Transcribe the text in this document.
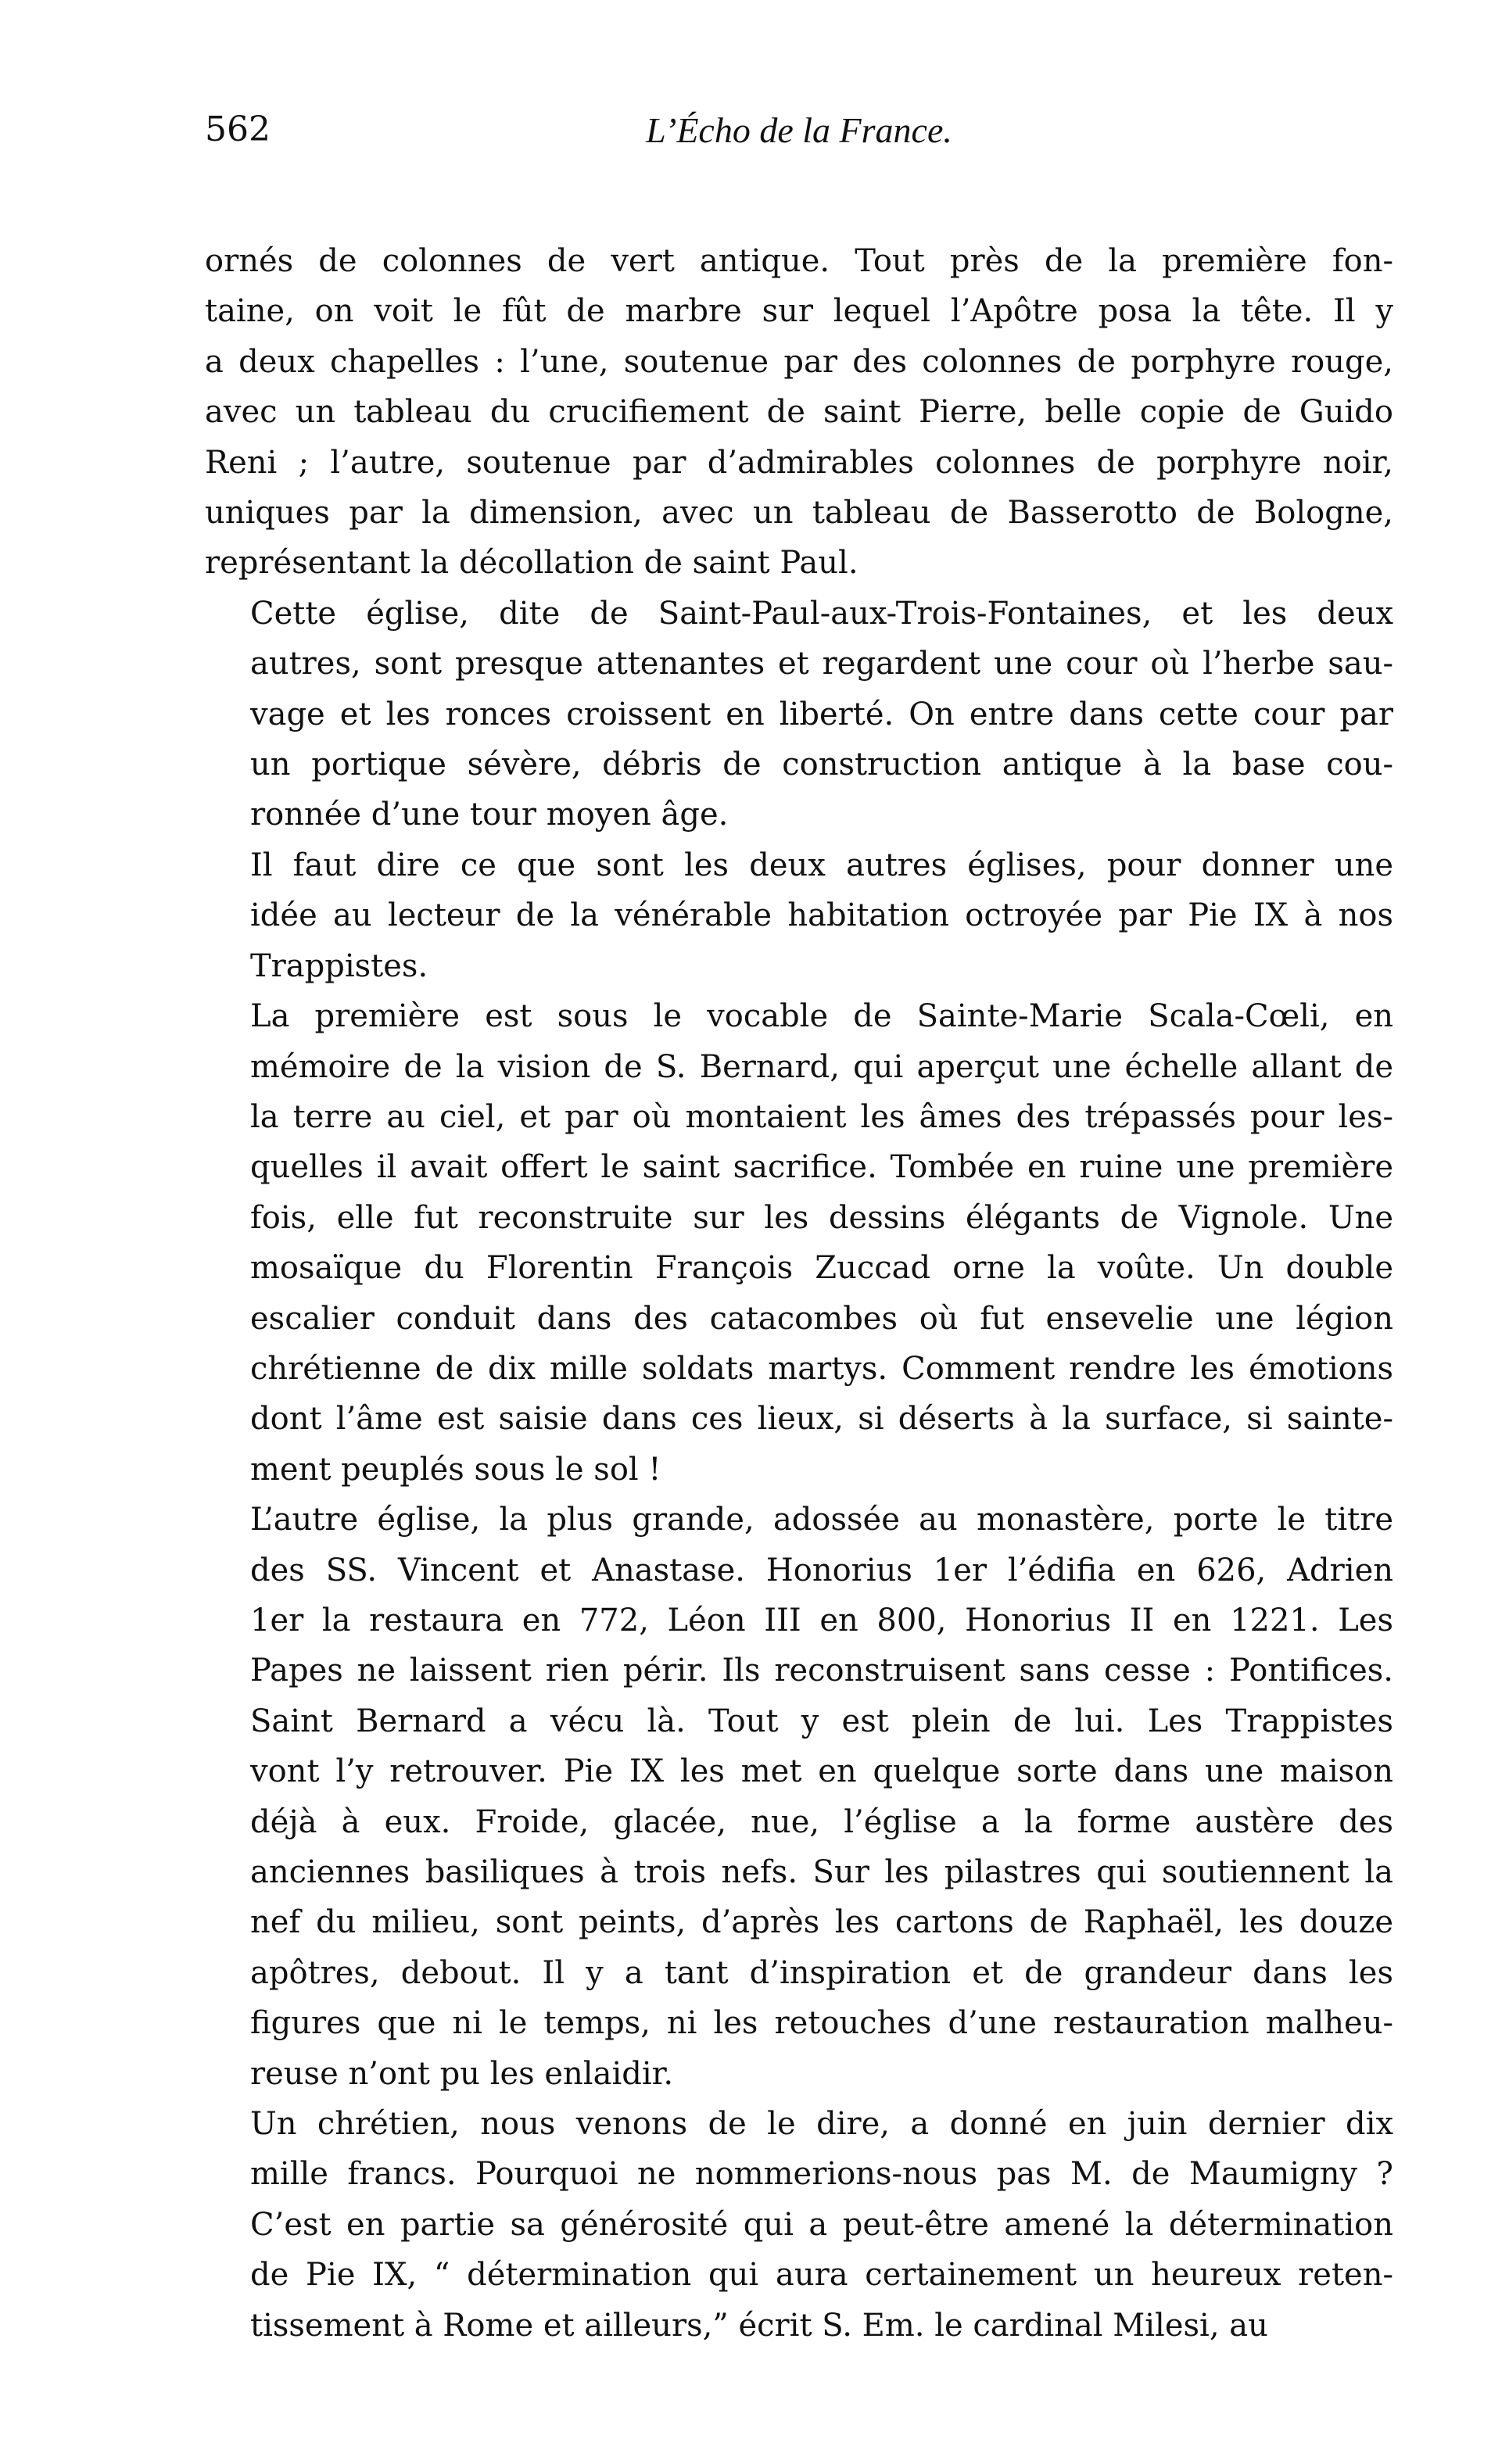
562	L’Écho de la France.

ornés de colonnes de vert antique. Tout près de la première fon-
taine, on voit le fût de marbre sur lequel l’Apôtre posa la tête. Il y
a deux chapelles : l’une, soutenue par des colonnes de porphyre rouge,
avec un tableau du crucifiement de saint Pierre, belle copie de Guido
Reni ; l’autre, soutenue par d’admirables colonnes de porphyre noir,
uniques par la dimension, avec un tableau de Basserotto de Bologne,
représentant la décollation de saint Paul.

Cette église, dite de Saint-Paul-aux-Trois-Fontaines, et les deux
autres, sont presque attenantes et regardent une cour où l’herbe sau-
vage et les ronces croissent en liberté. On entre dans cette cour par
un portique sévère, débris de construction antique à la base cou-
ronnée d’une tour moyen âge.

Il faut dire ce que sont les deux autres églises, pour donner une
idée au lecteur de la vénérable habitation octroyée par Pie IX à nos
Trappistes.

La première est sous le vocable de Sainte-Marie Scala-Cœli, en
mémoire de la vision de S. Bernard, qui aperçut une échelle allant de
la terre au ciel, et par où montaient les âmes des trépassés pour les-
quelles il avait offert le saint sacrifice. Tombée en ruine une première
fois, elle fut reconstruite sur les dessins élégants de Vignole. Une
mosaïque du Florentin François Zuccad orne la voûte. Un double
escalier conduit dans des catacombes où fut ensevelie une légion
chrétienne de dix mille soldats martys. Comment rendre les émotions
dont l’âme est saisie dans ces lieux, si déserts à la surface, si sainte-
ment peuplés sous le sol !

L’autre église, la plus grande, adossée au monastère, porte le titre
des SS. Vincent et Anastase. Honorius 1er l’édifia en 626, Adrien
1er la restaura en 772, Léon III en 800, Honorius II en 1221. Les
Papes ne laissent rien périr. Ils reconstruisent sans cesse : Pontifices.
Saint Bernard a vécu là. Tout y est plein de lui. Les Trappistes
vont l’y retrouver. Pie IX les met en quelque sorte dans une maison
déjà à eux. Froide, glacée, nue, l’église a la forme austère des
anciennes basiliques à trois nefs. Sur les pilastres qui soutiennent la
nef du milieu, sont peints, d’après les cartons de Raphaël, les douze
apôtres, debout. Il y a tant d’inspiration et de grandeur dans les
figures que ni le temps, ni les retouches d’une restauration malheu-
reuse n’ont pu les enlaidir.

Un chrétien, nous venons de le dire, a donné en juin dernier dix
mille francs. Pourquoi ne nommerions-nous pas M. de Maumigny ?
C’est en partie sa générosité qui a peut-être amené la détermination
de Pie IX, “ détermination qui aura certainement un heureux reten-
tissement à Rome et ailleurs,” écrit S. Em. le cardinal Milesi, au
